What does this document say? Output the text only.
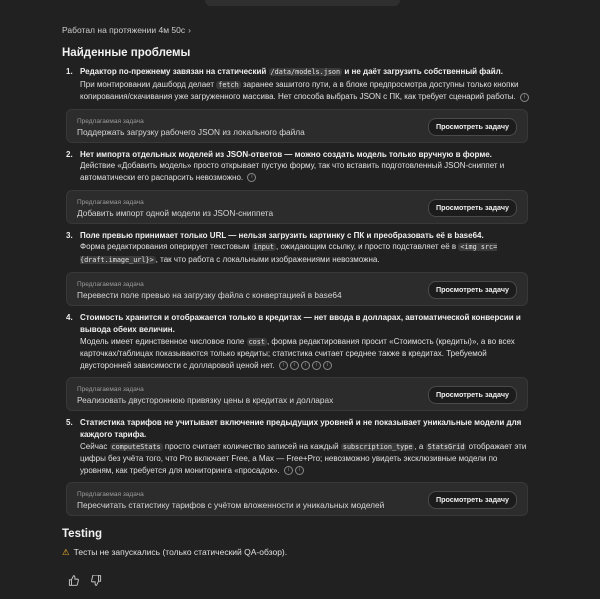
Работал на протяжении 4м 50с ›
Найденные проблемы
1. Редактор по-прежнему завязан на статический /data/models.json и не даёт загрузить собственный файл.
При монтировании дашборд делает fetch заранее зашитого пути, а в блоке предпросмотра доступны только кнопки копирования/скачивания уже загруженного массива. Нет способа выбрать JSON с ПК, как требует сценарий работы. i
Предлагаемая задача
Поддержать загрузку рабочего JSON из локального файла
Просмотреть задачу
2. Нет импорта отдельных моделей из JSON-ответов — можно создать модель только вручную в форме.
Действие «Добавить модель» просто открывает пустую форму, так что вставить подготовленный JSON-сниппет и автоматически его распарсить невозможно. i
Предлагаемая задача
Добавить импорт одной модели из JSON-сниппета
Просмотреть задачу
3. Поле превью принимает только URL — нельзя загрузить картинку с ПК и преобразовать её в base64.
Форма редактирования оперирует текстовым input , ожидающим ссылку, и просто подставляет её в <img src={draft.image_url}> , так что работа с локальными изображениями невозможна.
Предлагаемая задача
Перевести поле превью на загрузку файла с конвертацией в base64
Просмотреть задачу
4. Стоимость хранится и отображается только в кредитах — нет ввода в долларах, автоматической конверсии и вывода обеих величин.
Модель имеет единственное числовое поле cost , форма редактирования просит «Стоимость (кредиты)», а во всех карточках/таблицах показываются только кредиты; статистика считает среднее также в кредитах. Требуемой двусторонней зависимости с долларовой ценой нет. i i i i i
Предлагаемая задача
Реализовать двустороннюю привязку цены в кредитах и долларах
Просмотреть задачу
5. Статистика тарифов не учитывает включение предыдущих уровней и не показывает уникальные модели для каждого тарифа.
Сейчас computeStats просто считает количество записей на каждый subscription_type , а StatsGrid отображает эти цифры без учёта того, что Pro включает Free, а Max — Free+Pro; невозможно увидеть эксклюзивные модели по уровням, как требуется для мониторинга «просадок». i i
Предлагаемая задача
Пересчитать статистику тарифов с учётом вложенности и уникальных моделей
Просмотреть задачу
Testing
⚠ Тесты не запускались (только статический QA-обзор).
